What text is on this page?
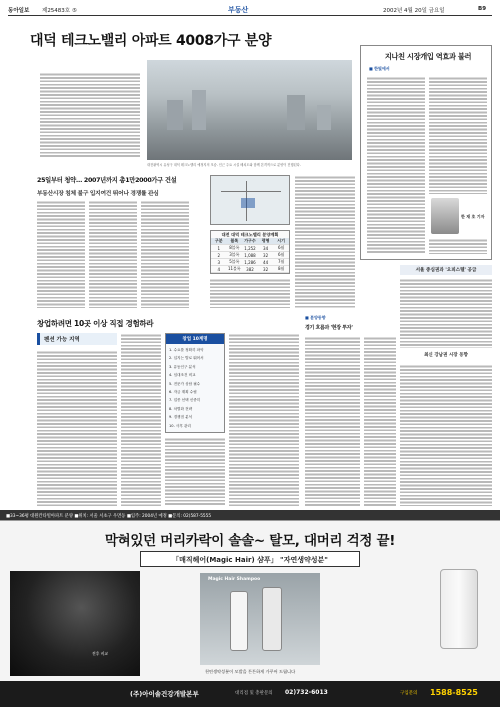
동아일보 제25483호 ⑤	부동산	2002년 4월 20일 금요일	B9
대덕 테크노밸리 아파트 4008가구 분양
대전광역시 유성구 대덕 테크노밸리 예정지의 모습. 인근 주요 시설 배치도와 함께 본격적으로 분양이 진행된다.
25일부터 청약… 2007년까지 총1만2000가구 건설
부동산시장 침체 불구 입지여건 뛰어나 경쟁률 관심
대전 대덕 테크노밸리 분양계획
구분	블록	가구수	평형	시기
1	8블록	1,252	34	6월
2	3블록	1,088	32	6월
3	5블록	1,286	44	7월
4	11블록	382	32	8월
지나친 시장개입 역효과 불러
■ 한빛에서
한 재 호 기자
■ 분양동향
경기 흐름과 '현장 투자'
서울 중심권과 '오피스텔' 공급
최신 강남권 시장 동향
창업하려면 10곳 이상 직접 경험하라
펜션 가능 지역	창업 10계명
1. 수요를 정확히 파악
2. 입지는 발로 뛰어서
3. 유동인구 분석
4. 임대조건 비교
5. 전문가 상담 필수
6. 자금 계획 수립
7. 업종 선택 신중히
8. 차별화 전략
9. 경쟁점 분석
10. 사후 관리
■33~36평 대원칸타빌아파트 분양 ■위치: 서울 서초구 우면동 ■입주: 2004년 예정 ■문의: 02)587-5555
막혀있던 머리카락이 솔솔~ 탈모, 대머리 걱정 끝!
「매직헤어(Magic Hair) 샴푸」 "자연생약성분"
전후 비교
Magic Hair Shampoo
천연생약성분이 모발을 튼튼하게 가꾸어 드립니다
(주)아이솔건강개발본부	대리점 및 총판문의 02)732-6013	구입문의 1588-8525
